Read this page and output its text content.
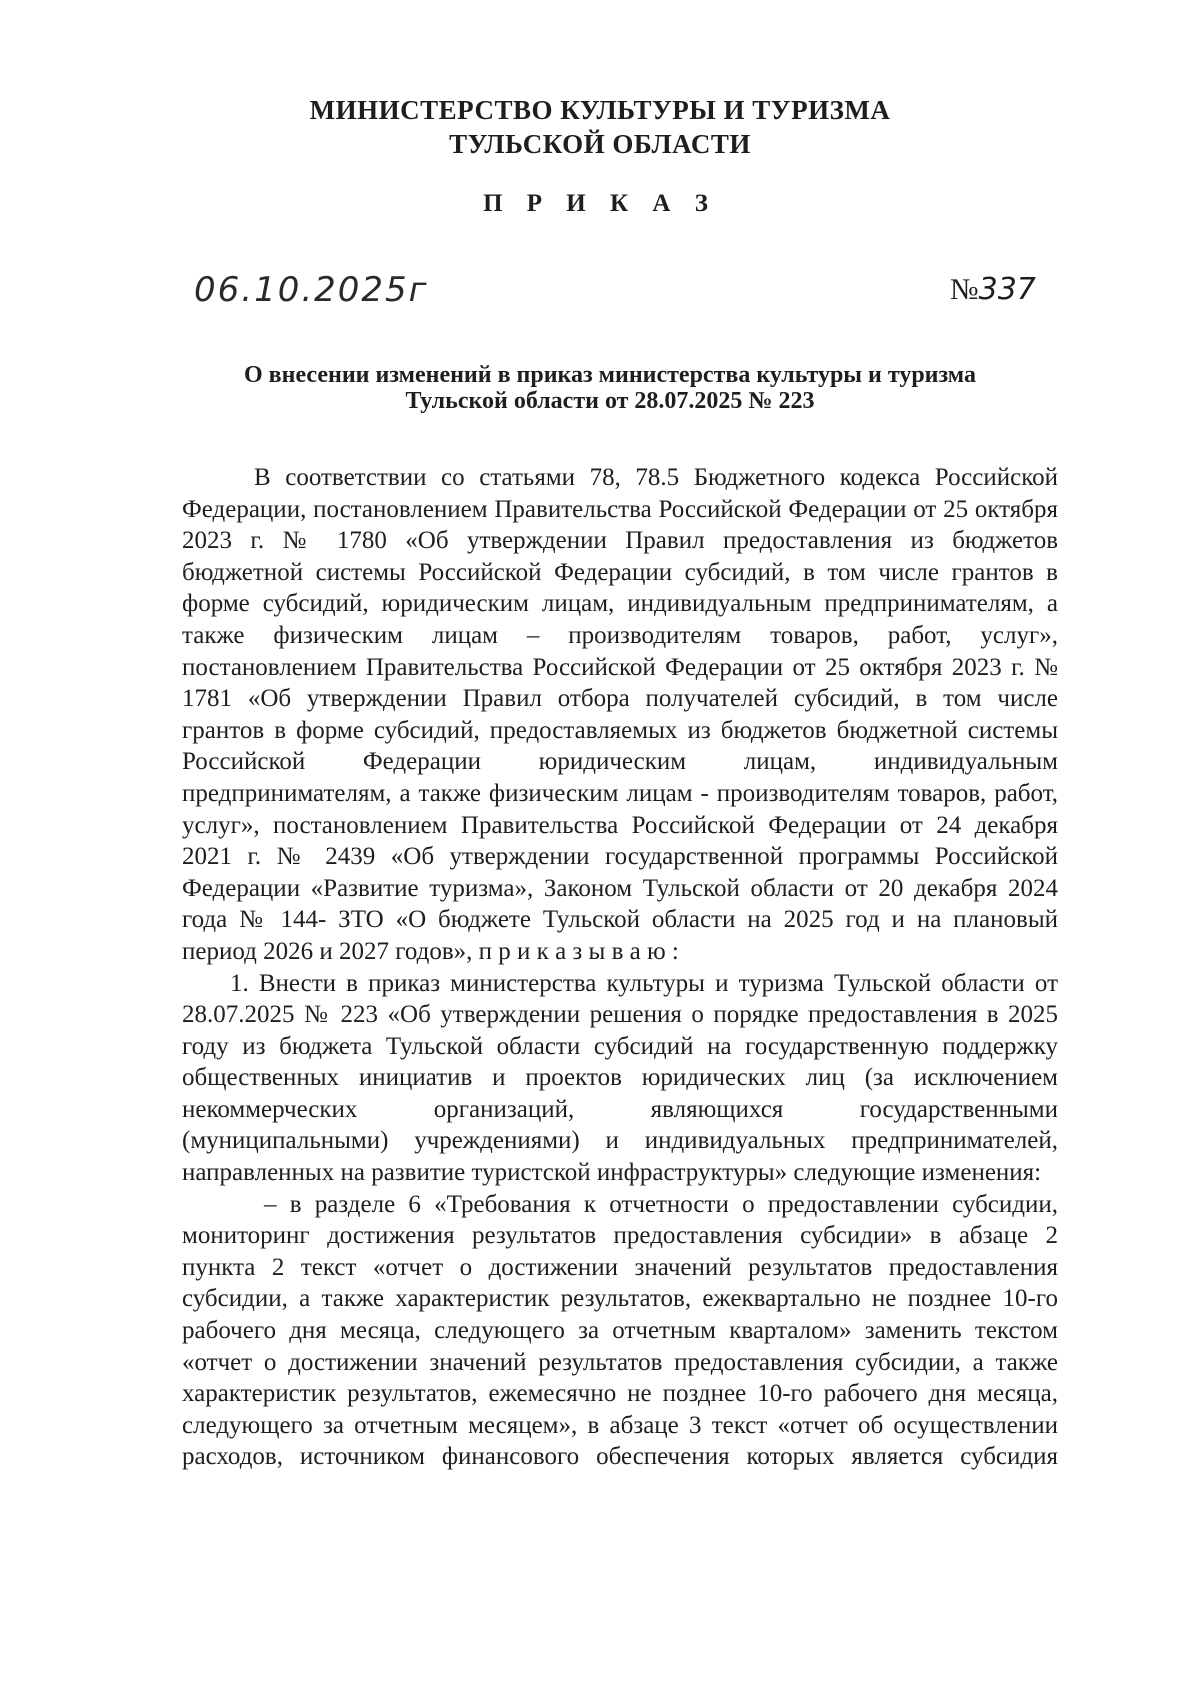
МИНИСТЕРСТВО КУЛЬТУРЫ И ТУРИЗМА
ТУЛЬСКОЙ ОБЛАСТИ
П Р И К А З
06.10.2025г	№337
О внесении изменений в приказ министерства культуры и туризма
Тульской области от 28.07.2025 № 223

В соответствии со статьями 78, 78.5 Бюджетного кодекса Российской Федерации, постановлением Правительства Российской Федерации от 25 октября 2023 г. № 1780 «Об утверждении Правил предоставления из бюджетов бюджетной системы Российской Федерации субсидий, в том числе грантов в форме субсидий, юридическим лицам, индивидуальным предпринимателям, а также физическим лицам – производителям товаров, работ, услуг», постановлением Правительства Российской Федерации от 25 октября 2023 г. № 1781 «Об утверждении Правил отбора получателей субсидий, в том числе грантов в форме субсидий, предоставляемых из бюджетов бюджетной системы Российской Федерации юридическим лицам, индивидуальным предпринимателям, а также физическим лицам - производителям товаров, работ, услуг», постановлением Правительства Российской Федерации от 24 декабря 2021 г. № 2439 «Об утверждении государственной программы Российской Федерации «Развитие туризма», Законом Тульской области от 20 декабря 2024 года № 144- ЗТО «О бюджете Тульской области на 2025 год и на плановый период 2026 и 2027 годов», п р и к а з ы в а ю :

1. Внести в приказ министерства культуры и туризма Тульской области от 28.07.2025 № 223 «Об утверждении решения о порядке предоставления в 2025 году из бюджета Тульской области субсидий на государственную поддержку общественных инициатив и проектов юридических лиц (за исключением некоммерческих организаций, являющихся государственными (муниципальными) учреждениями) и индивидуальных предпринимателей, направленных на развитие туристской инфраструктуры» следующие изменения:

– в разделе 6 «Требования к отчетности о предоставлении субсидии, мониторинг достижения результатов предоставления субсидии» в абзаце 2 пункта 2 текст «отчет о достижении значений результатов предоставления субсидии, а также характеристик результатов, ежеквартально не позднее 10-го рабочего дня месяца, следующего за отчетным кварталом» заменить текстом «отчет о достижении значений результатов предоставления субсидии, а также характеристик результатов, ежемесячно не позднее 10-го рабочего дня месяца, следующего за отчетным месяцем», в абзаце 3 текст «отчет об осуществлении расходов, источником финансового обеспечения которых является субсидия
